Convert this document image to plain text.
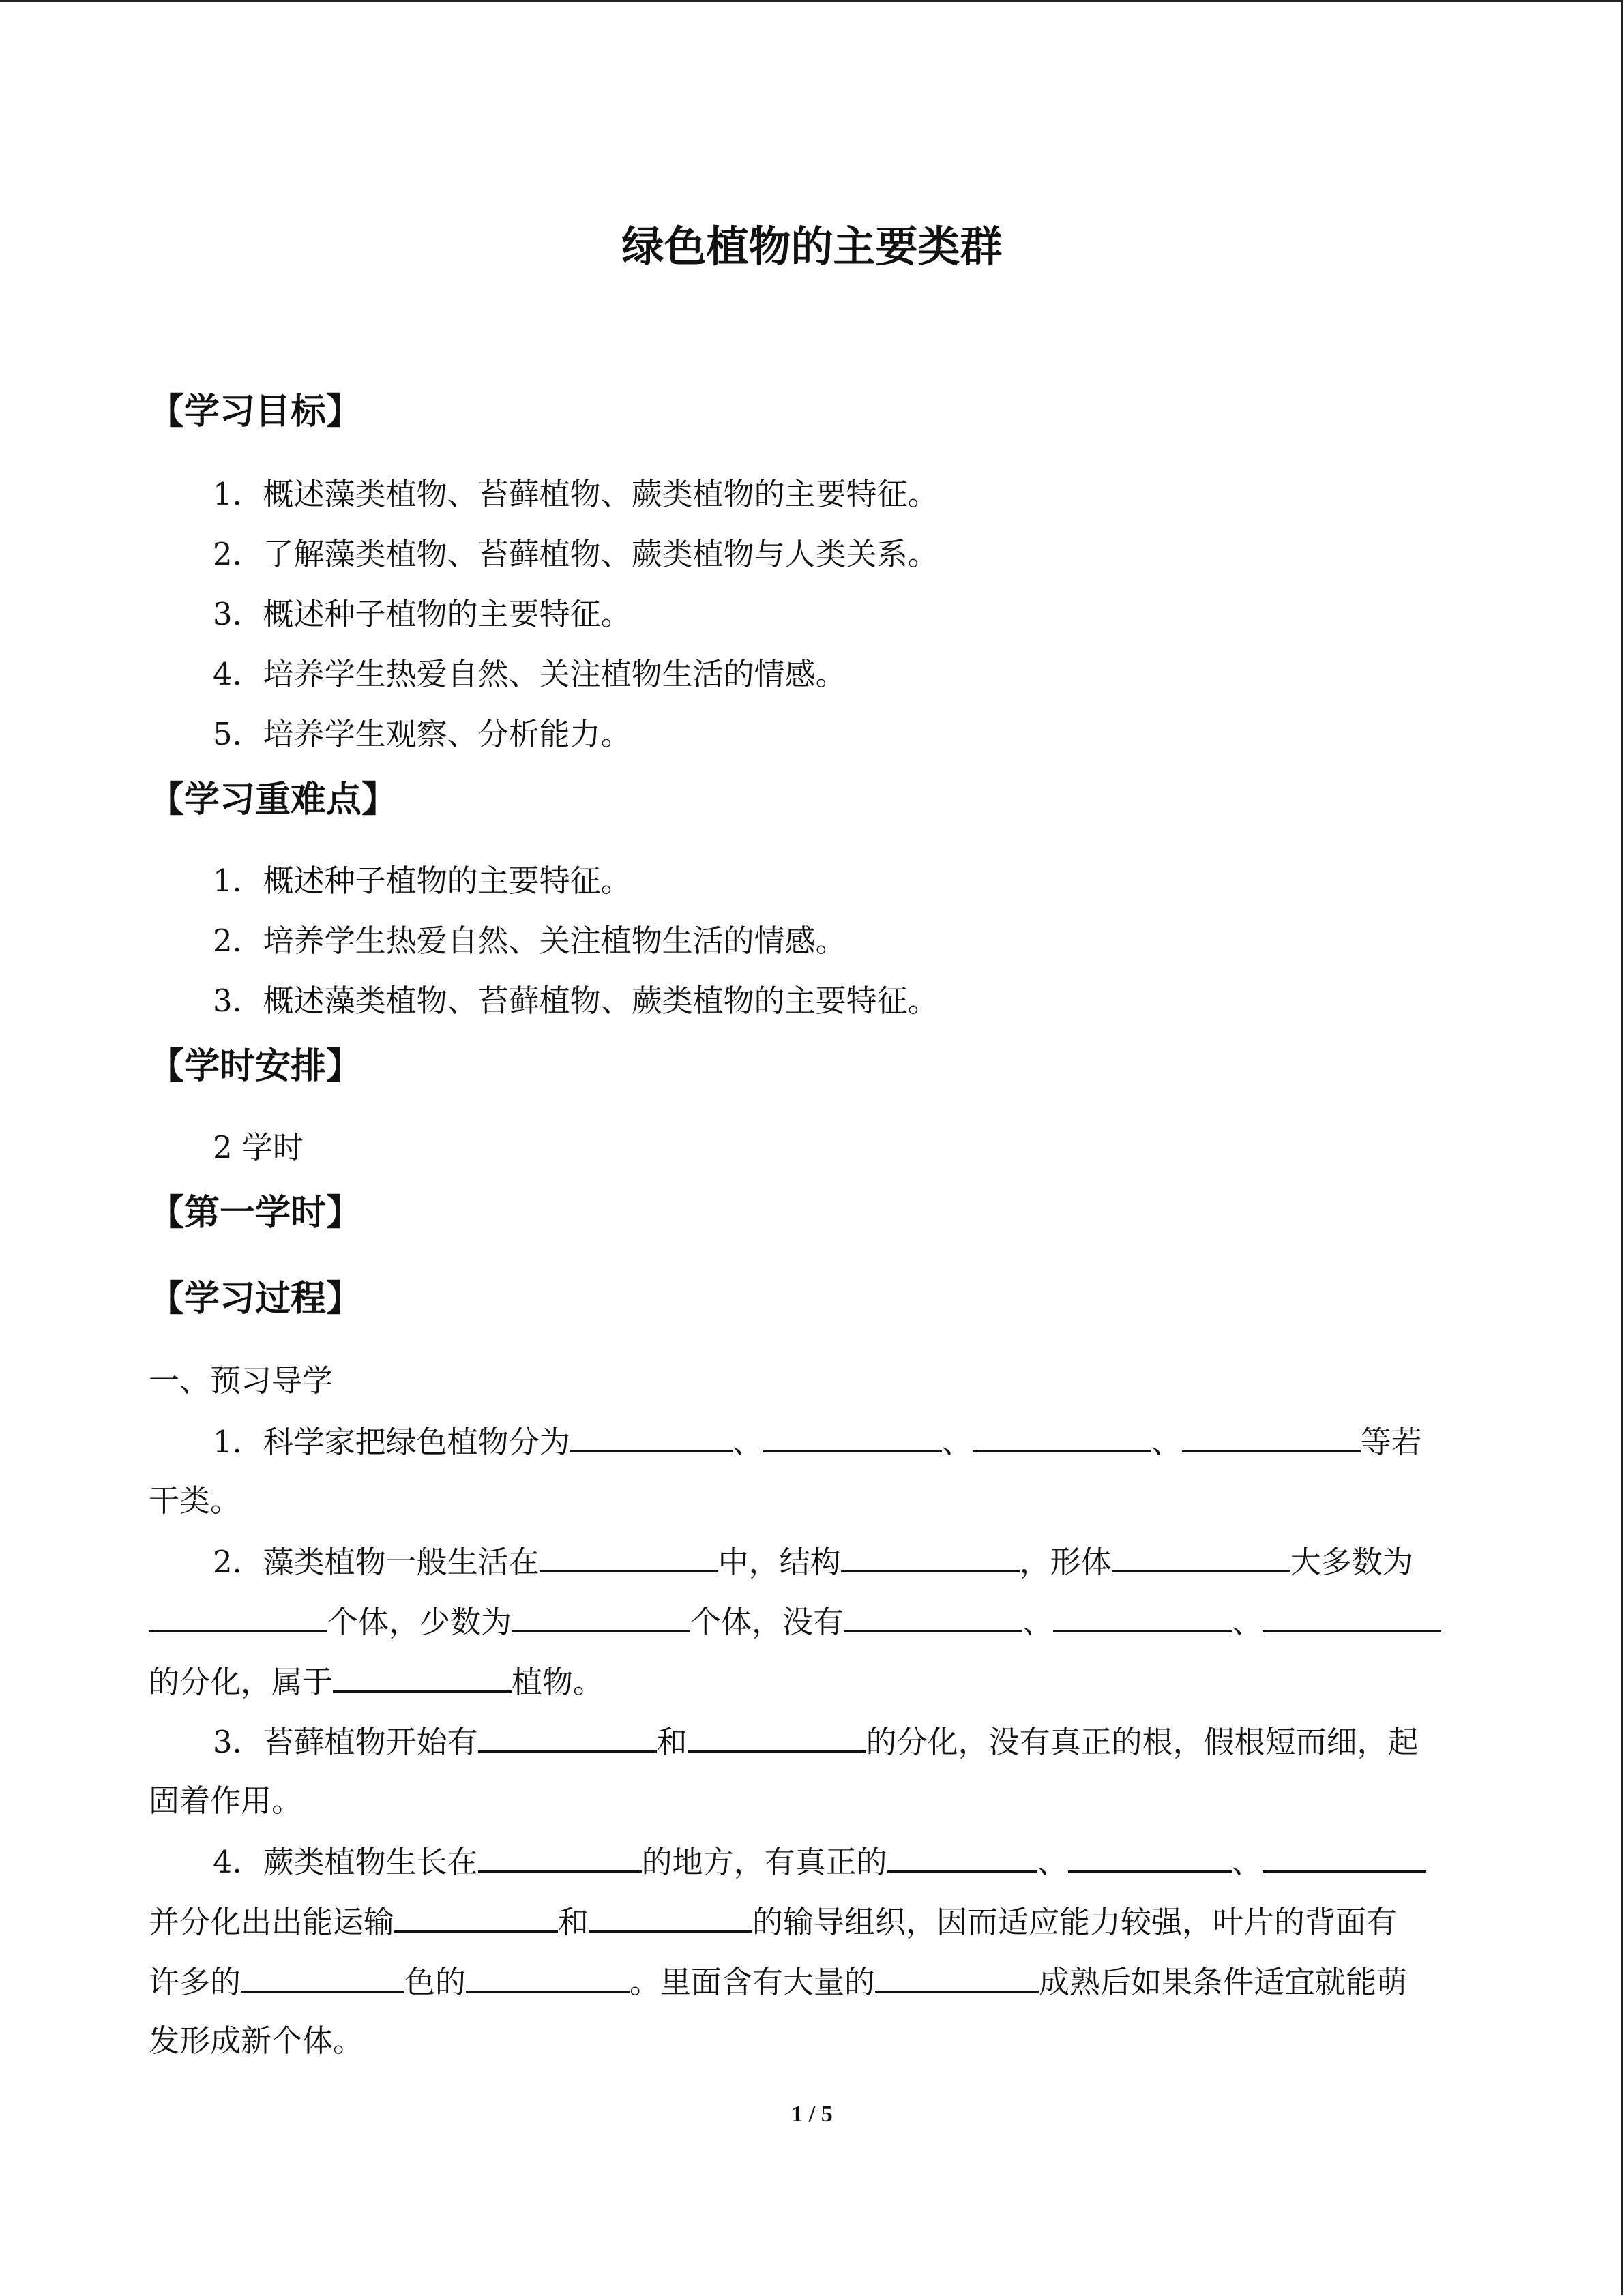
绿色植物的主要类群
【学习目标】
1．概述藻类植物、苔藓植物、蕨类植物的主要特征。
2．了解藻类植物、苔藓植物、蕨类植物与人类关系。
3．概述种子植物的主要特征。
4．培养学生热爱自然、关注植物生活的情感。
5．培养学生观察、分析能力。
【学习重难点】
1．概述种子植物的主要特征。
2．培养学生热爱自然、关注植物生活的情感。
3．概述藻类植物、苔藓植物、蕨类植物的主要特征。
【学时安排】
2 学时
【第一学时】
【学习过程】
一、预习导学
1．科学家把绿色植物分为	、	、	、	等若
干类。
2．藻类植物一般生活在	中，结构	，形体	大多数为
个体，少数为	个体，没有	、	、
的分化，属于	植物。
3．苔藓植物开始有	和	的分化，没有真正的根，假根短而细，起
固着作用。
4．蕨类植物生长在	的地方，有真正的	、	、
并分化出出能运输	和	的输导组织，因而适应能力较强，叶片的背面有
许多的	色的	。里面含有大量的	成熟后如果条件适宜就能萌
发形成新个体。
1 / 5
